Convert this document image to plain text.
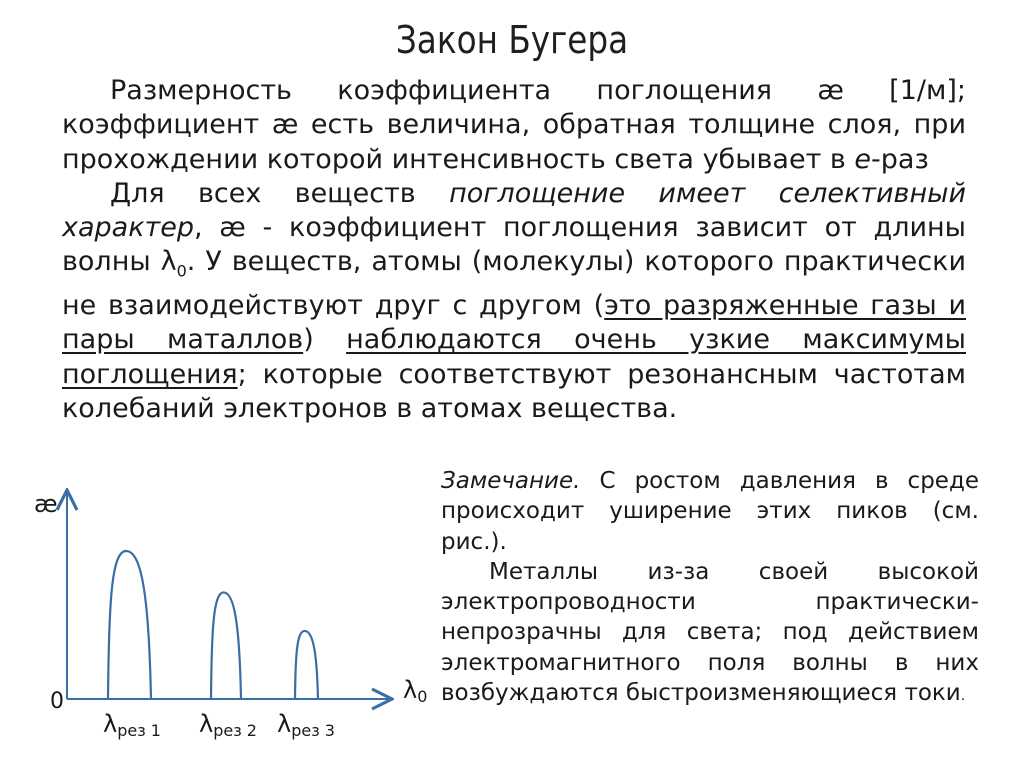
Закон Бугера

Размерность коэффициента поглощения æ [1/м]; коэффициент æ есть величина, обратная толщине слоя, при прохождении которой интенсивность света убывает в е-раз

Для всех веществ поглощение имеет селективный характер, æ - коэффициент поглощения зависит от длины волны $\lambda_0$. У веществ, атомы (молекулы) которого практически не взаимодействуют друг с другом (это разряженные газы и пары маталлов) наблюдаются очень узкие максимумы поглощения; которые соответствуют резонансным частотам колебаний электронов в атомах вещества.

Замечание. С ростом давления в среде происходит уширение этих пиков (см. рис.).

Металлы из-за своей высокой электропроводности практически-непрозрачны для света; под действием электромагнитного поля волны в них возбуждаются быстроизменяющиеся токи.

æ
0	λ0
λрез 1 λрез 2 λрез 3
